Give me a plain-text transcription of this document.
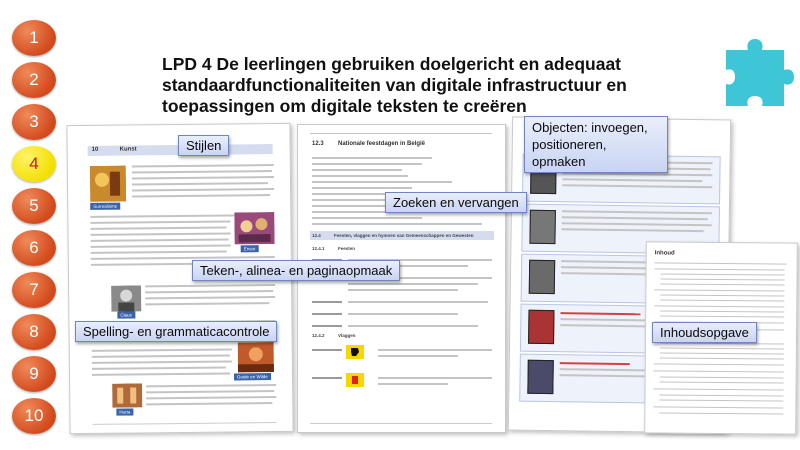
1
2
3
4
5
6
7
8
9
10
LPD 4 De leerlingen gebruiken doelgericht en adequaat standaardfunctionaliteiten van digitale infrastructuur en toepassingen om digitale teksten te creëren
10	Kunst
Surrealisme
Ensor
Claus
Guide en Wilde
Horta
12.3 Nationale feestdagen in België
12.4	Feesten, vlaggen en hymnen van Gemeenschappen en Gewesten
12.4.1	Feesten
12.4.2	Vlaggen
Inhoud
Stijlen
Zoeken en vervangen
Teken-, alinea- en paginaopmaak
Spelling- en grammaticacontrole
Objecten: invoegen, positioneren, opmaken
Inhoudsopgave
